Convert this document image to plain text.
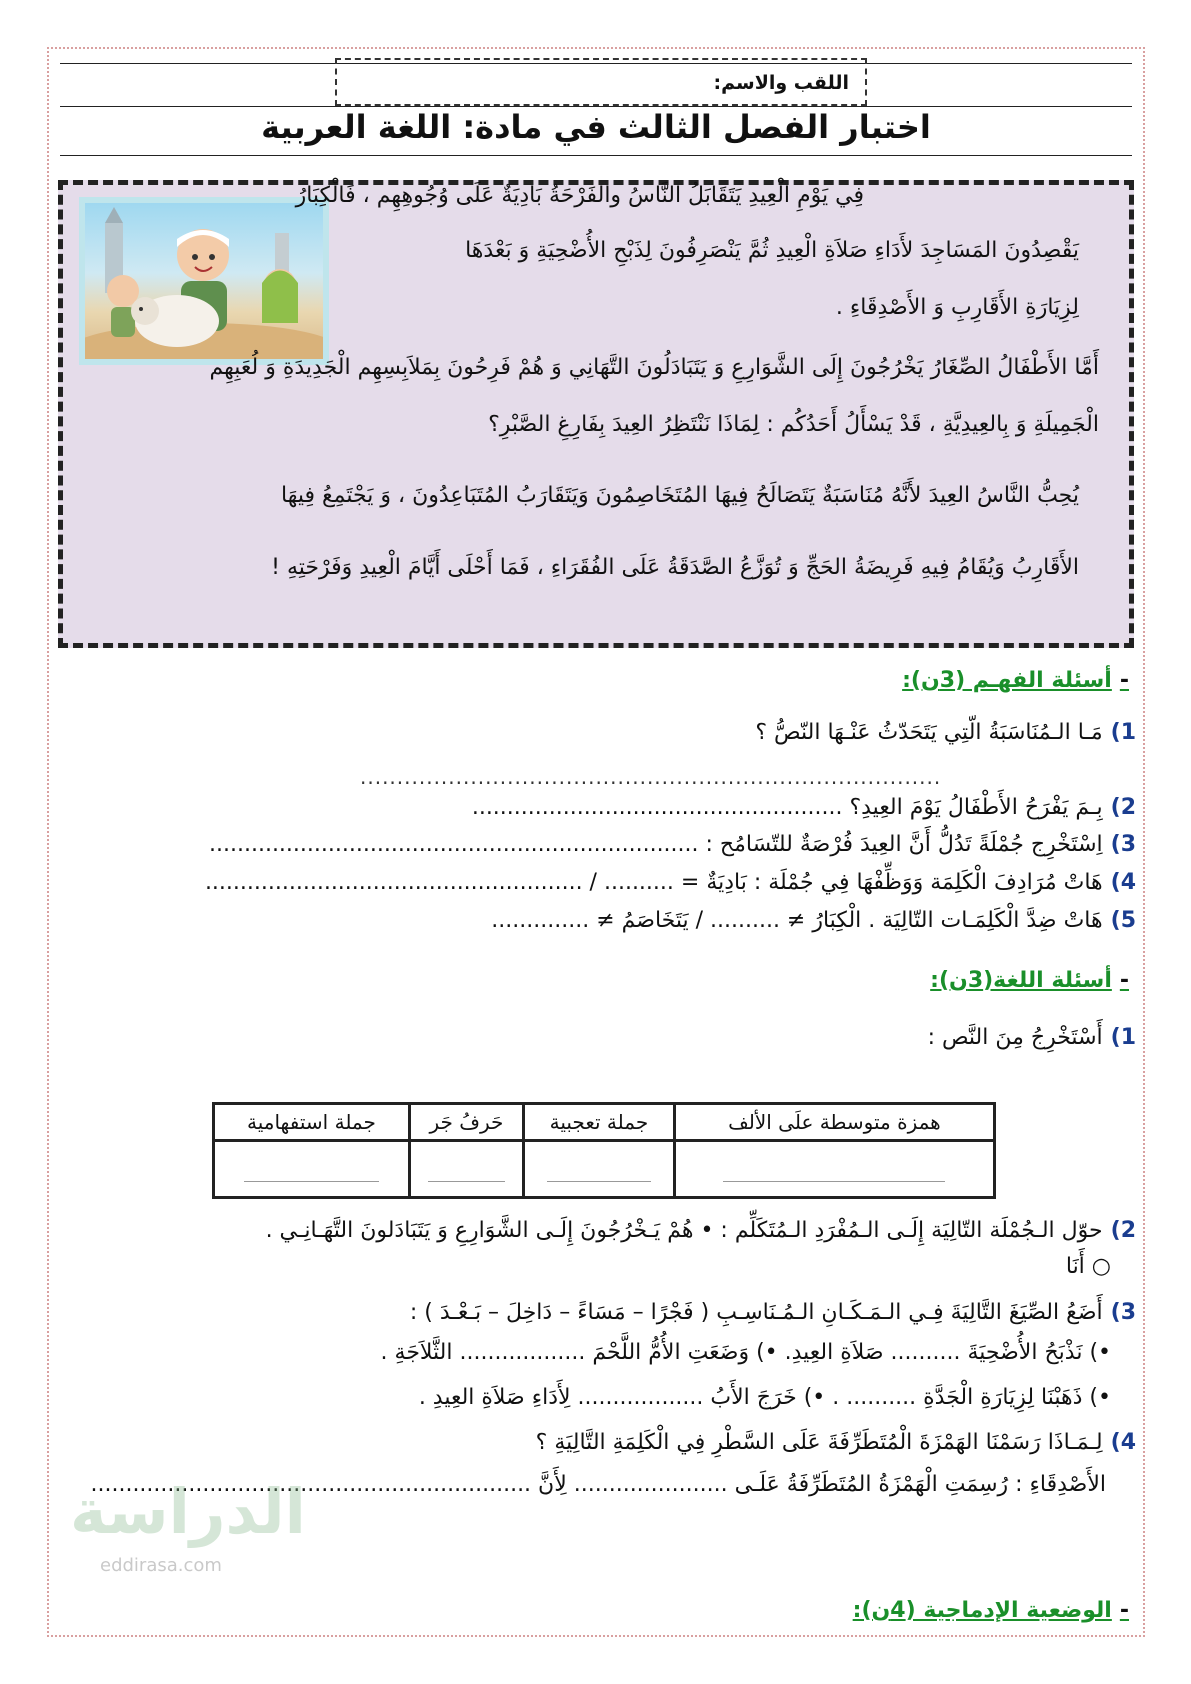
اللقب والاسم:
اختبار الفصل الثالث في مادة: اللغة العربية
فِي يَوْمِ الْعِيدِ يَتَقَابَلُ النَّاسُ والفَرْحَةُ بَادِيَةٌ عَلَى وُجُوهِهِم ، فَالْكِبَارُ
يَقْصِدُونَ المَسَاجِدَ لأَدَاءِ صَلاَةِ الْعِيدِ ثُمَّ يَنْصَرِفُونَ لِذَبْحِ الأُضْحِيَةِ وَ بَعْدَهَا
لِزِيَارَةِ الأَقَارِبِ وَ الأَصْدِقَاءِ .
أَمَّا الأَطْفَالُ الصِّغَارُ يَخْرُجُونَ إِلَى الشَّوَارِعِ وَ يَتَبَادَلُونَ التَّهَانِي وَ هُمْ فَرِحُونَ بِمَلاَبِسِهِم الْجَدِيدَةِ وَ لُعَبِهِم
الْجَمِيلَةِ وَ بِالعِيدِيَّةِ ، قَدْ يَسْأَلُ أَحَدُكُم : لِمَاذَا نَنْتَظِرُ العِيدَ بِفَارِغِ الصَّبْرِ؟
يُحِبُّ النَّاسُ العِيدَ لأَنَّهُ مُنَاسَبَةٌ يَتَصَالَحُ فِيهَا المُتَخَاصِمُونَ وَيَتَقَارَبُ المُتَبَاعِدُونَ ، وَ يَجْتَمِعُ فِيهَا
الأَقَارِبُ وَيُقَامُ فِيهِ فَرِيضَةُ الحَجِّ وَ تُوَزَّعُ الصَّدَقَةُ عَلَى الفُقَرَاءِ ، فَمَا أَحْلَى أَيَّامَ الْعِيدِ وَفَرْحَتِهِ !
-أسئلة الفهـم (3ن):
1)مَـا الـمُنَاسَبَةُ الّتِي يَتَحَدّثُ عَنْـهَا النّصُّ ؟
...............................................................................
2)بِـمَ يَفْرَحُ الأَطْفَالُ يَوْمَ العِيدِ؟ .....................................................
3)اِسْتَخْرِج جُمْلَةً تَدُلُّ أَنَّ العِيدَ فُرْصَةٌ للتّسَامُح : ......................................................................
4)هَاتْ مُرَادِفَ الْكَلِمَة وَوَظِّفْهَا فِي جُمْلَة : بَادِيَةٌ = .......... / ......................................................
5)هَاتْ ضِدَّ الْكَلِمَـات التّالِيَة . الْكِبَارُ ≠ .......... / يَتَخَاصَمُ ≠ ..............
-أسئلة اللغة(3ن):
1)أَسْتَخْرِجُ مِنَ النَّص :
همزة متوسطة علَى الألف	جملة تعجبية	حَرفُ جَر	جملة استفهامية

2)حوّل الـجُمْلَة التّالِيَة إِلَـى الـمُفْرَدِ الـمُتَكَلِّم : • هُمْ يَـخْرُجُونَ إِلَـى الشَّوَارِعِ وَ يَتَبَادَلونَ التَّهَـانِـي .
○ أَنَا
3)أَضَعُ الصِّيَغَ التَّالِيَةَ فِـي الـمَـكَـانِ الـمُـنَاسِـبِ ( فَجْرًا – مَسَاءً – دَاخِلَ – بَـعْـدَ ) :
•) نَذْبَحُ الأُضْحِيَةَ .......... صَلاَةِ العِيدِ. •) وَضَعَتِ الأُمُّ اللَّحْمَ .................. الثَّلاَجَةِ .
•) ذَهَبْنَا لِزِيَارَةِ الْجَدَّةِ .......... . •) خَرَجَ الأَبُ .................. لِأَدَاءِ صَلاَةِ العِيدِ .
4)لِـمَـاذَا رَسَمْنَا الهَمْزَةَ الْمُتَطَرِّفَةَ عَلَى السَّطْرِ فِي الْكَلِمَةِ التَّالِيَةِ ؟
الأَصْدِقَاءِ : رُسِمَتِ الْهَمْزَةُ المُتَطَرِّفَةُ عَلَـى ...................... لِأَنَّ ...............................................................
الدراسة
eddirasa.com
-الوضعية الإدماجية (4ن):
